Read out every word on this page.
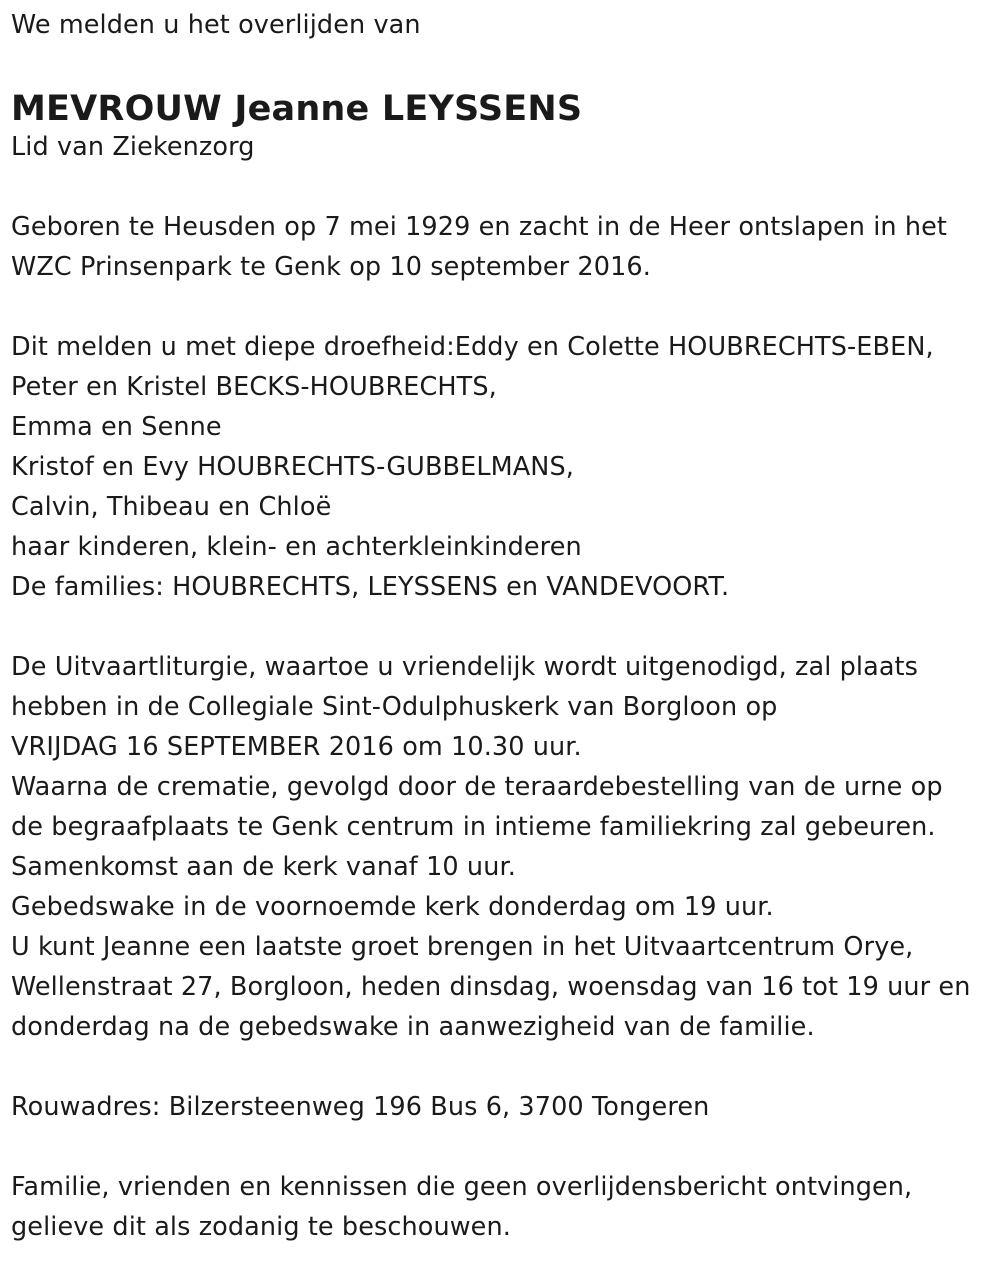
We melden u het overlijden van
MEVROUW Jeanne LEYSSENS
Lid van Ziekenzorg
Geboren te Heusden op 7 mei 1929 en zacht in de Heer ontslapen in het
WZC Prinsenpark te Genk op 10 september 2016.
Dit melden u met diepe droefheid:Eddy en Colette HOUBRECHTS-EBEN,
Peter en Kristel BECKS-HOUBRECHTS,
Emma en Senne
Kristof en Evy HOUBRECHTS-GUBBELMANS,
Calvin, Thibeau en Chloë
haar kinderen, klein- en achterkleinkinderen
De families: HOUBRECHTS, LEYSSENS en VANDEVOORT.
De Uitvaartliturgie, waartoe u vriendelijk wordt uitgenodigd, zal plaats
hebben in de Collegiale Sint-Odulphuskerk van Borgloon op
VRIJDAG 16 SEPTEMBER 2016 om 10.30 uur.
Waarna de crematie, gevolgd door de teraardebestelling van de urne op
de begraafplaats te Genk centrum in intieme familiekring zal gebeuren.
Samenkomst aan de kerk vanaf 10 uur.
Gebedswake in de voornoemde kerk donderdag om 19 uur.
U kunt Jeanne een laatste groet brengen in het Uitvaartcentrum Orye,
Wellenstraat 27, Borgloon, heden dinsdag, woensdag van 16 tot 19 uur en
donderdag na de gebedswake in aanwezigheid van de familie.
Rouwadres: Bilzersteenweg 196 Bus 6, 3700 Tongeren
Familie, vrienden en kennissen die geen overlijdensbericht ontvingen,
gelieve dit als zodanig te beschouwen.
